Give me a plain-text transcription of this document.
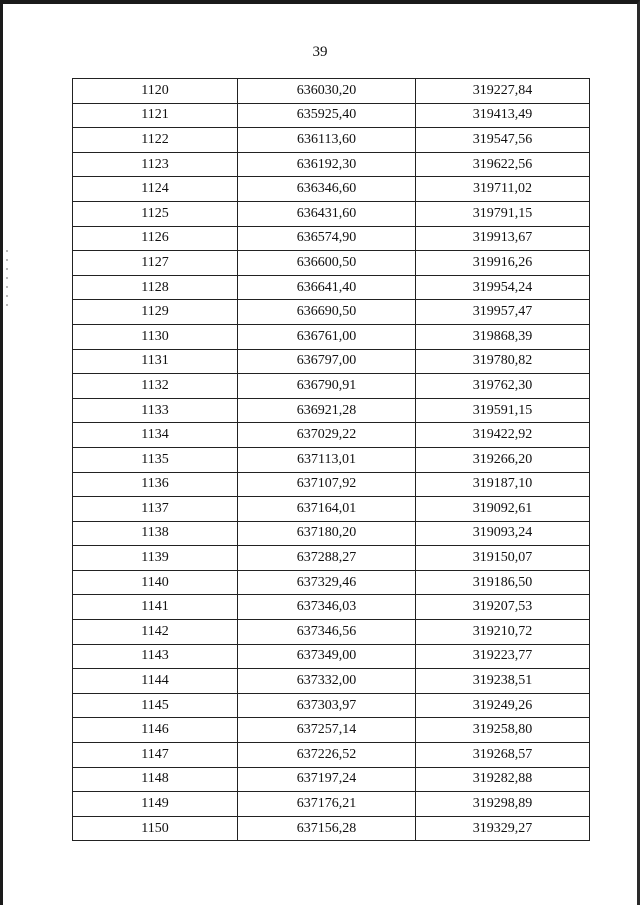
39
1120	636030,20	319227,84
1121	635925,40	319413,49
1122	636113,60	319547,56
1123	636192,30	319622,56
1124	636346,60	319711,02
1125	636431,60	319791,15
1126	636574,90	319913,67
1127	636600,50	319916,26
1128	636641,40	319954,24
1129	636690,50	319957,47
1130	636761,00	319868,39
1131	636797,00	319780,82
1132	636790,91	319762,30
1133	636921,28	319591,15
1134	637029,22	319422,92
1135	637113,01	319266,20
1136	637107,92	319187,10
1137	637164,01	319092,61
1138	637180,20	319093,24
1139	637288,27	319150,07
1140	637329,46	319186,50
1141	637346,03	319207,53
1142	637346,56	319210,72
1143	637349,00	319223,77
1144	637332,00	319238,51
1145	637303,97	319249,26
1146	637257,14	319258,80
1147	637226,52	319268,57
1148	637197,24	319282,88
1149	637176,21	319298,89
1150	637156,28	319329,27
